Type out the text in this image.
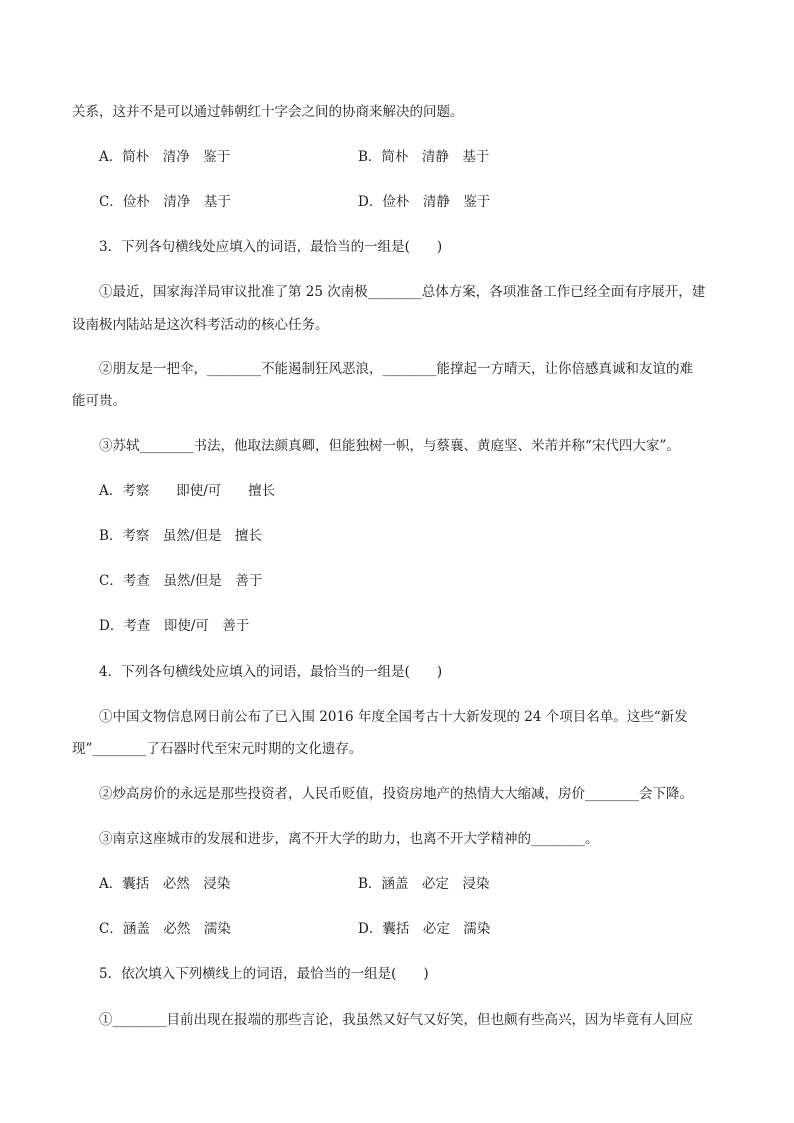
关系，这并不是可以通过韩朝红十字会之间的协商来解决的问题。
A．简朴　清净　鉴于	B．简朴　清静　基于
C．俭朴　清净　基于	D．俭朴　清静　鉴于
3．下列各句横线处应填入的词语，最恰当的一组是(　　)
①最近，国家海洋局审议批准了第 25 次南极________总体方案，各项准备工作已经全面有序展开，建
设南极内陆站是这次科考活动的核心任务。
②朋友是一把伞，________不能遏制狂风恶浪，________能撑起一方晴天，让你倍感真诚和友谊的难
能可贵。
③苏轼________书法，他取法颜真卿，但能独树一帜，与蔡襄、黄庭坚、米芾并称“宋代四大家”。
A．考察　　即使/可　　擅长
B．考察　虽然/但是　擅长
C．考查　虽然/但是　善于
D．考查　即使/可　善于
4．下列各句横线处应填入的词语，最恰当的一组是(　　)
①中国文物信息网日前公布了已入围 2016 年度全国考古十大新发现的 24 个项目名单。这些“新发
现”________了石器时代至宋元时期的文化遗存。
②炒高房价的永远是那些投资者，人民币贬值，投资房地产的热情大大缩减，房价________会下降。
③南京这座城市的发展和进步，离不开大学的助力，也离不开大学精神的________。
A．囊括　必然　浸染	B．涵盖　必定　浸染
C．涵盖　必然　濡染	D．囊括　必定　濡染
5．依次填入下列横线上的词语，最恰当的一组是(　　)
①________目前出现在报端的那些言论，我虽然又好气又好笑，但也颇有些高兴，因为毕竟有人回应
